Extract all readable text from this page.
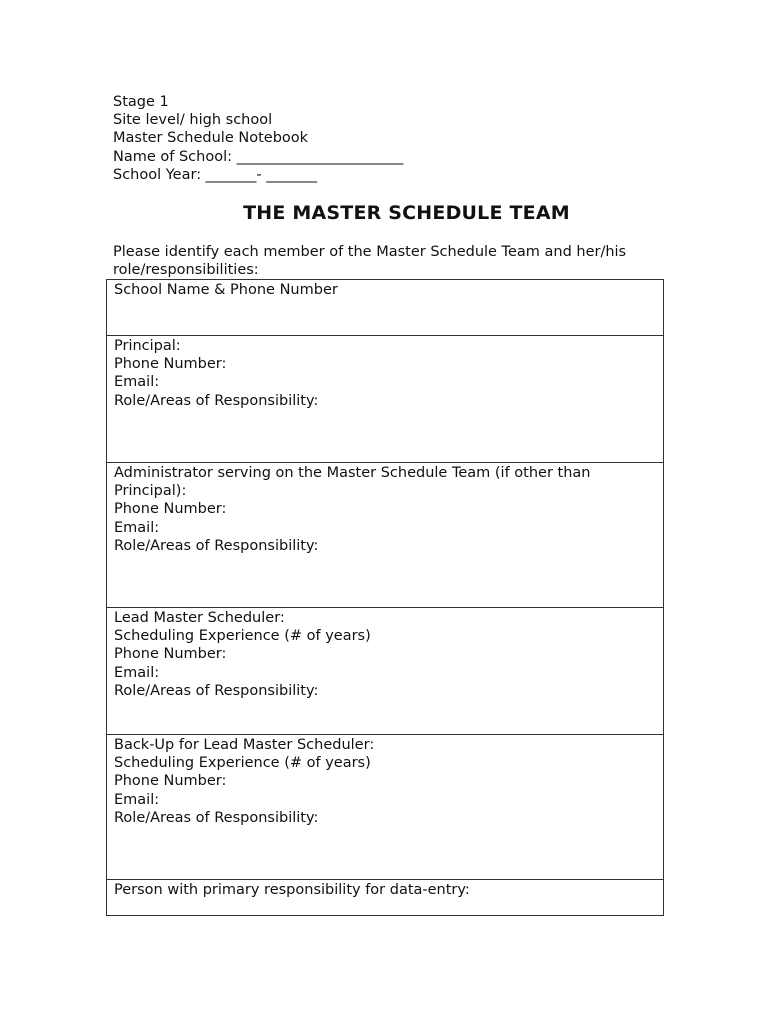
Stage 1
Site level/ high school
Master Schedule Notebook
Name of School: _______________________
School Year: _______- _______
THE MASTER SCHEDULE TEAM
Please identify each member of the Master Schedule Team and her/his role/responsibilities:
School Name & Phone Number
Principal:
Phone Number:
Email:
Role/Areas of Responsibility:
Administrator serving on the Master Schedule Team (if other than Principal):
Phone Number:
Email:
Role/Areas of Responsibility:
Lead Master Scheduler:
Scheduling Experience (# of years)
Phone Number:
Email:
Role/Areas of Responsibility:
Back-Up for Lead Master Scheduler:
Scheduling Experience (# of years)
Phone Number:
Email:
Role/Areas of Responsibility:
Person with primary responsibility for data-entry:
